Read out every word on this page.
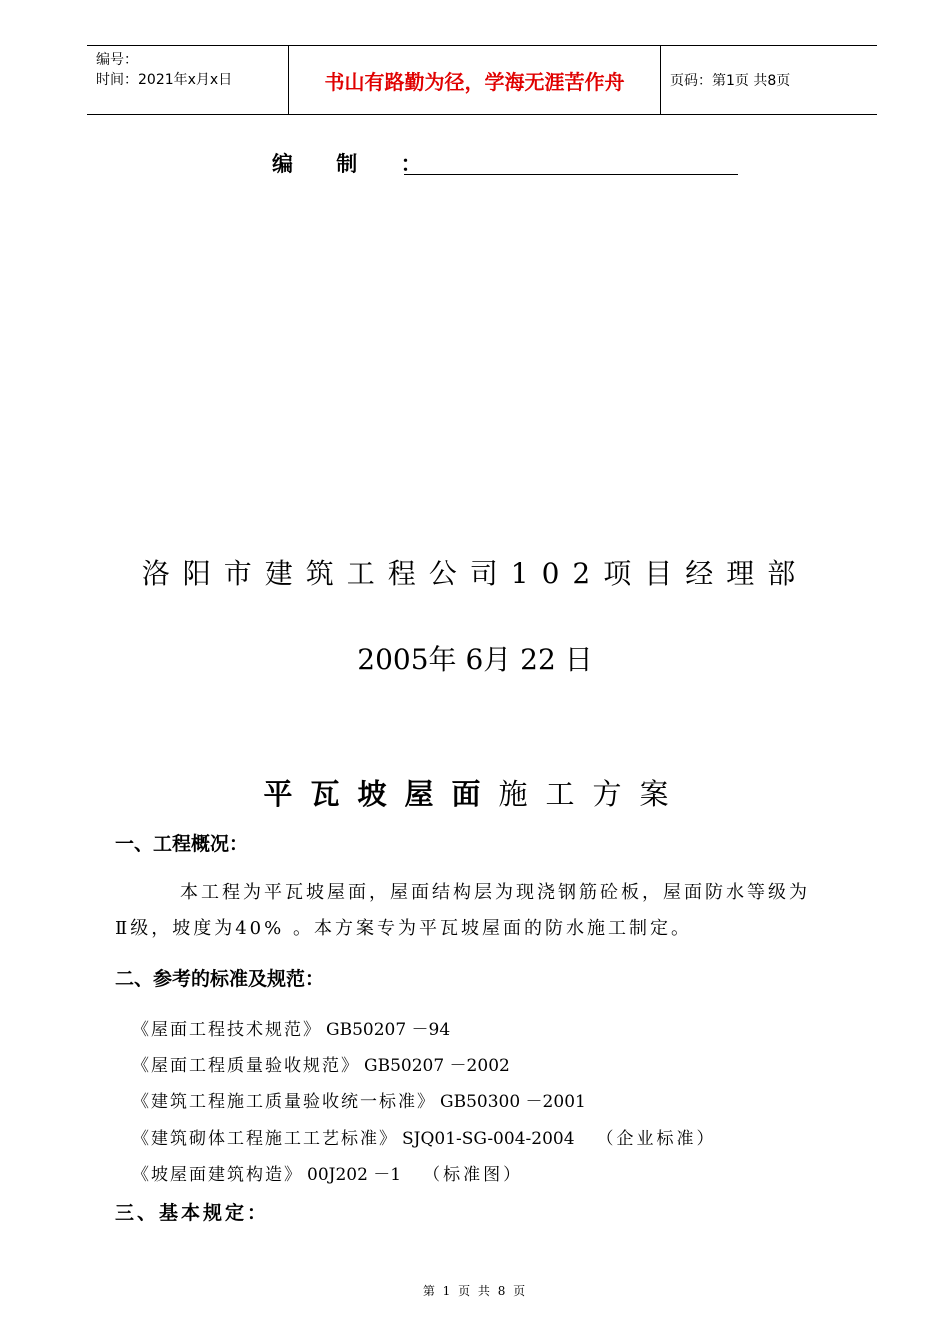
编号：
时间：2021年x月x日	书山有路勤为径，学海无涯苦作舟	页码：第1页 共8页
编 制 ：
洛阳市建筑工程公司102项目经理部
2005年 6月 22 日
平瓦坡屋面施工方案
一、工程概况：
本工程为平瓦坡屋面，屋面结构层为现浇钢筋砼板，屋面防水等级为
Ⅱ级，坡度为40% 。本方案专为平瓦坡屋面的防水施工制定。
二、参考的标准及规范：
《屋面工程技术规范》 GB50207 －94
《屋面工程质量验收规范》 GB50207 －2002
《建筑工程施工质量验收统一标准》 GB50300 －2001
《建筑砌体工程施工工艺标准》 SJQ01-SG-004-2004 （企业标准）
《坡屋面建筑构造》 00J202 －1 （标准图）
三、基本规定：
第 1 页 共 8 页
